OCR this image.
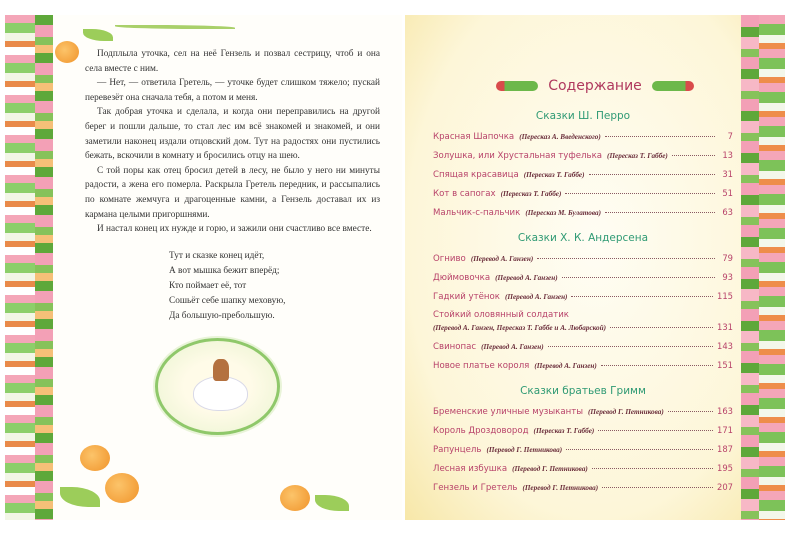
Подплыла уточка, сел на неё Гензель и позвал сестрицу, чтоб и она села вместе с ним.

— Нет, — ответила Гретель, — уточке будет слишком тяжело; пускай перевезёт она сначала тебя, а потом и меня.

Так добрая уточка и сделала, и когда они переправились на другой берег и пошли дальше, то стал лес им всё знакомей и знакомей, и они заметили наконец издали отцовский дом. Тут на радостях они пустились бежать, вскочили в комнату и бросились отцу на шею.

С той поры как отец бросил детей в лесу, не было у него ни минуты радости, а жена его померла. Раскрыла Гретель передник, и рассыпались по комнате жемчуга и драгоценные камни, а Гензель доставал их из кармана целыми пригоршнями.

И настал конец их нужде и горю, и зажили они счастливо все вместе.

Тут и сказке конец идёт,
А вот мышка бежит вперёд;
Кто поймает её, тот
Сошьёт себе шапку меховую,
Да большую-пребольшую.
Содержание
Сказки Ш. Перро
Красная Шапочка (Пересказ А. Введенского)	7
Золушка, или Хрустальная туфелька (Пересказ Т. Габбе)	13
Спящая красавица (Пересказ Т. Габбе)	31
Кот в сапогах (Пересказ Т. Габбе)	51
Мальчик-с-пальчик (Пересказ М. Булатова)	63
Сказки Х. К. Андерсена
Огниво (Перевод А. Ганзен)	79
Дюймовочка (Перевод А. Ганзен)	93
Гадкий утёнок (Перевод А. Ганзен)	115
Стойкий оловянный солдатик
(Перевод А. Ганзен, Пересказ Т. Габбе и А. Любарской)	131
Свинопас (Перевод А. Ганзен)	143
Новое платье короля (Перевод А. Ганзен)	151
Сказки братьев Гримм
Бременские уличные музыканты (Перевод Г. Петникова)	163
Король Дроздовород (Пересказ Т. Габбе)	171
Рапунцель (Перевод Г. Петникова)	187
Лесная избушка (Перевод Г. Петникова)	195
Гензель и Гретель (Перевод Г. Петникова)	207
